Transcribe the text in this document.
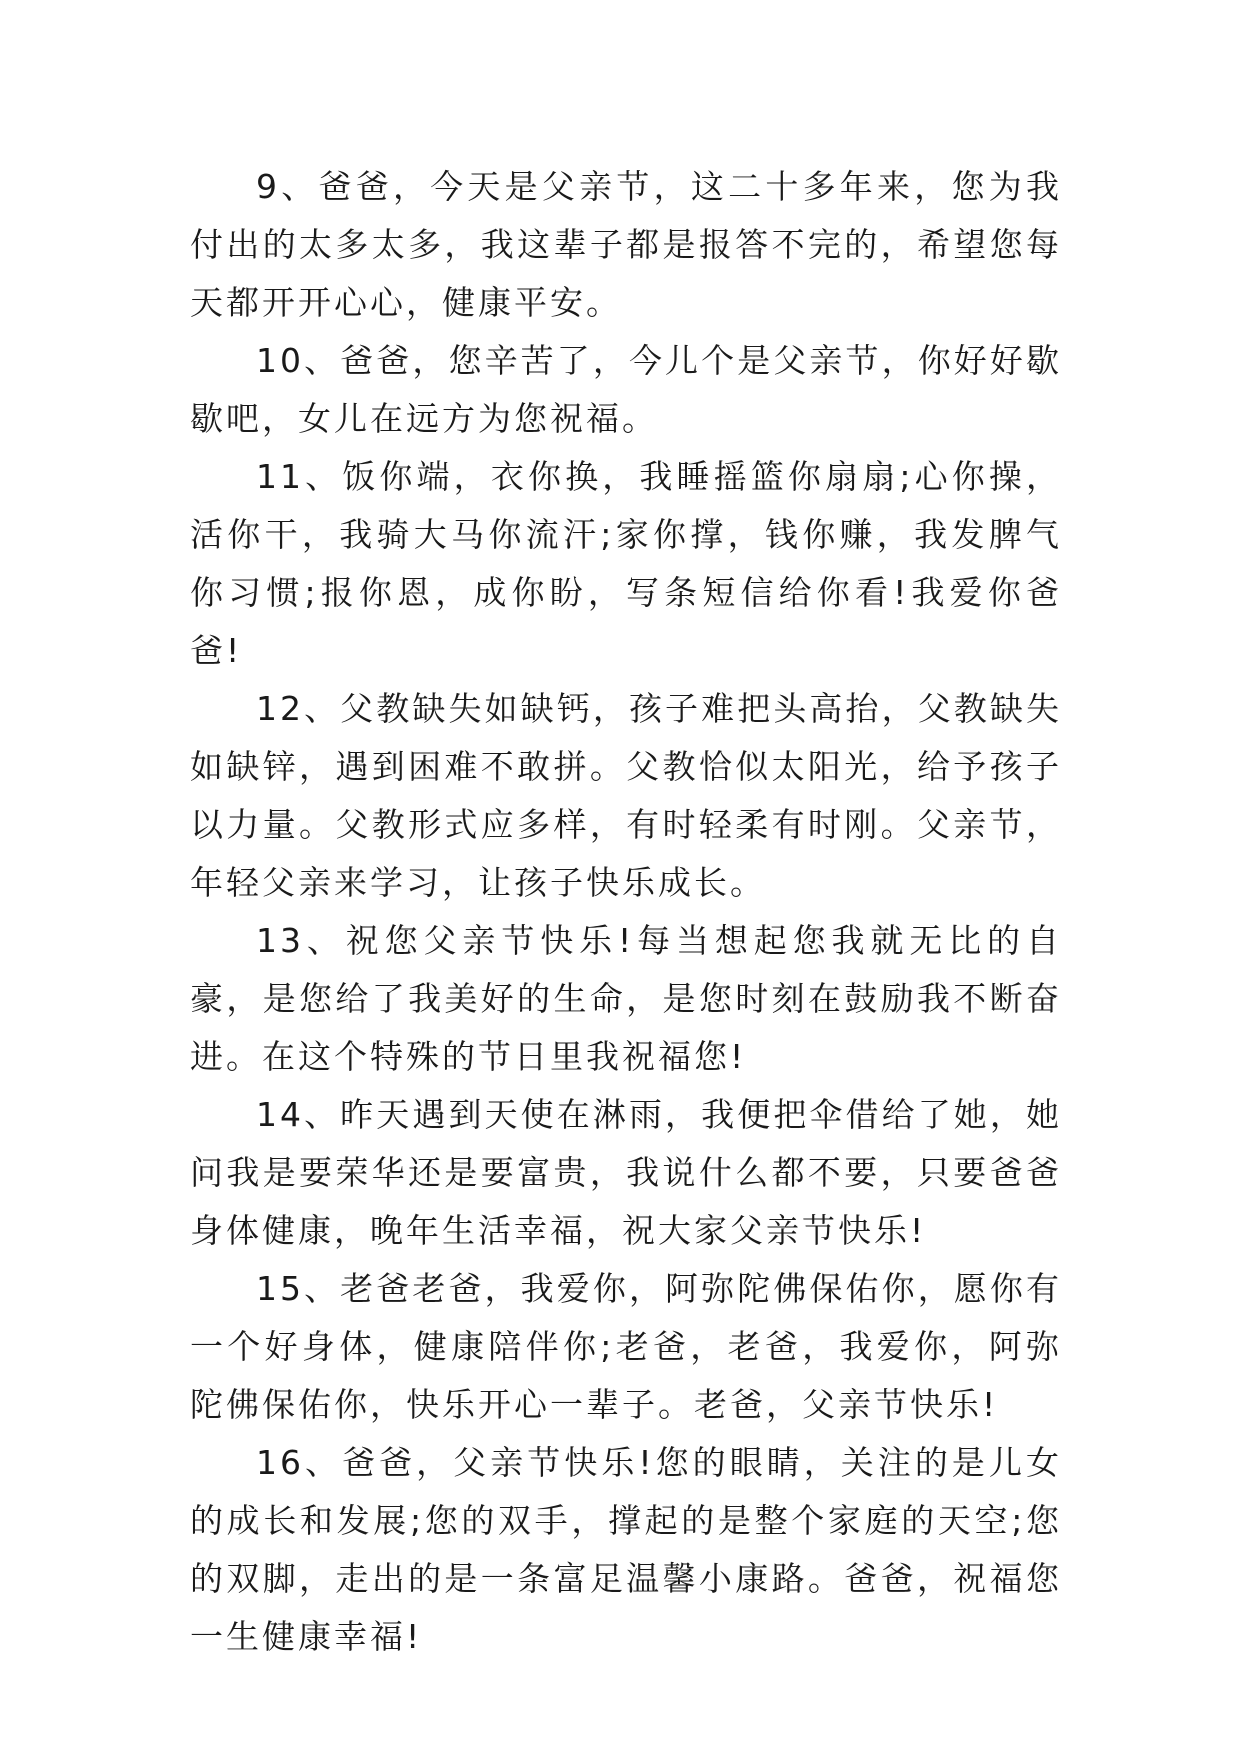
9、爸爸，今天是父亲节，这二十多年来，您为我付出的太多太多，我这辈子都是报答不完的，希望您每天都开开心心，健康平安。

10、爸爸，您辛苦了，今儿个是父亲节，你好好歇歇吧，女儿在远方为您祝福。

11、饭你端，衣你换，我睡摇篮你扇扇;心你操，活你干，我骑大马你流汗;家你撑，钱你赚，我发脾气你习惯;报你恩，成你盼，写条短信给你看!我爱你爸爸!

12、父教缺失如缺钙，孩子难把头高抬，父教缺失如缺锌，遇到困难不敢拼。父教恰似太阳光，给予孩子以力量。父教形式应多样，有时轻柔有时刚。父亲节，年轻父亲来学习，让孩子快乐成长。

13、祝您父亲节快乐!每当想起您我就无比的自豪，是您给了我美好的生命，是您时刻在鼓励我不断奋进。在这个特殊的节日里我祝福您!

14、昨天遇到天使在淋雨，我便把伞借给了她，她问我是要荣华还是要富贵，我说什么都不要，只要爸爸身体健康，晚年生活幸福，祝大家父亲节快乐!

15、老爸老爸，我爱你，阿弥陀佛保佑你，愿你有一个好身体，健康陪伴你;老爸，老爸，我爱你，阿弥陀佛保佑你，快乐开心一辈子。老爸，父亲节快乐!

16、爸爸，父亲节快乐!您的眼睛，关注的是儿女的成长和发展;您的双手，撑起的是整个家庭的天空;您的双脚，走出的是一条富足温馨小康路。爸爸，祝福您一生健康幸福!
